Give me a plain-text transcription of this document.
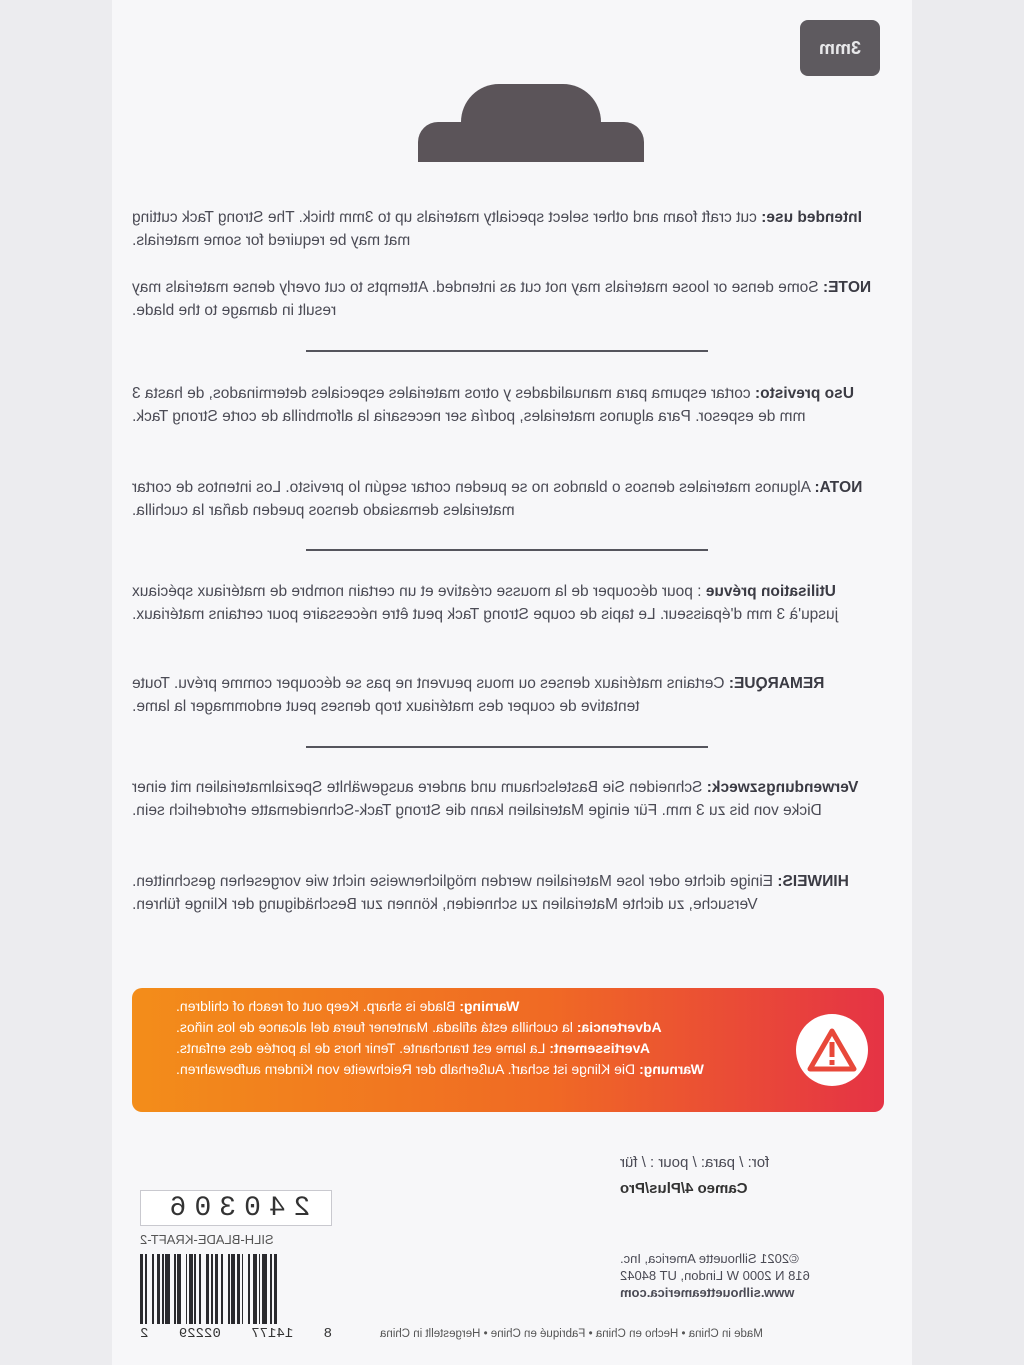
3mm
Intended use: cut craft foam and other select specialty materials up to 3mm thick. The Strong Tack cutting mat may be required for some materials.
NOTE: Some dense or loose materials may not cut as intended. Attempts to cut overly dense materials may result in damage to the blade.
Uso previsto: cortar espuma para manualidades y otros materiales especiales determinados, de hasta 3 mm de espesor. Para algunos materiales, podría ser necesaria la alfombrilla de corte Strong Tack.
NOTA: Algunos materiales densos o blandos no se pueden cortar según lo previsto. Los intentos de cortar materiales demasiado densos pueden dañar la cuchilla.
Utilisation prévue : pour découper de la mousse créative et un certain nombre de matériaux spéciaux jusqu'à 3 mm d'épaisseur. Le tapis de coupe Strong Tack peut être nécessaire pour certains matériaux.
REMARQUE: Certains matériaux denses ou mous peuvent ne pas se découper comme prévu. Toute tentative de couper des matériaux trop denses peut endommager la lame.
Verwendungszweck: Schneiden Sie Bastelschaum und andere ausgewählte Spezialmaterialien mit einer Dicke von bis zu 3 mm. Für einige Materialien kann die Strong Tack-Schneidematte erforderlich sein.
HINWEIS: Einige dichte oder lose Materialien werden möglicherweise nicht wie vorgesehen geschnitten. Versuche, zu dichte Materialien zu schneiden, können zur Beschädigung der Klinge führen.
Warning: Blade is sharp. Keep out of reach of children.
Advertencia: la cuchilla está afilada. Mantener fuera del alcance de los niños.
Avertissement: La lame est tranchante. Tenir hors de la portée des enfants.
Warnung: Die Klinge ist scharf. Außerhalb der Reichweite von Kindern aufbewahren.
for: / para: / pour : / für
Cameo 4/Plus/Pro
240306
SILH-BLADE-KRAFT-2
8
14177
02229
2
©2021 Silhouette America, Inc.
618 N 2000 W Lindon, UT 84042
www.silhouetteamerica.com
Made in China • Hecho en China • Fabriqué en Chine • Hergestellt in China
